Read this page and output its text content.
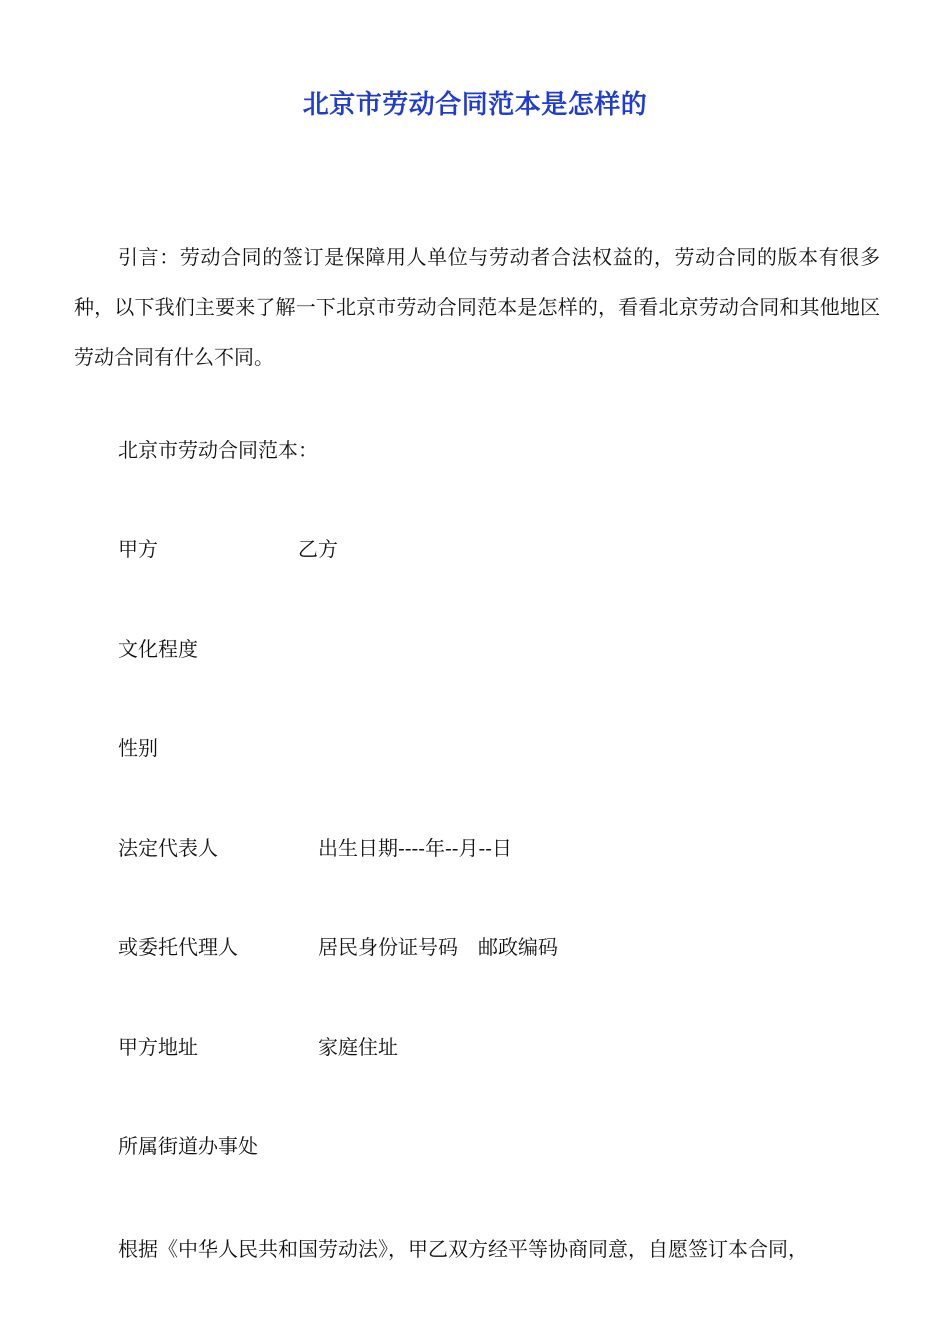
北京市劳动合同范本是怎样的
引言：劳动合同的签订是保障用人单位与劳动者合法权益的，劳动合同的版本有很多种，以下我们主要来了解一下北京市劳动合同范本是怎样的，看看北京劳动合同和其他地区劳动合同有什么不同。
北京市劳动合同范本：
甲方	乙方
文化程度
性别
法定代表人	出生日期----年--月--日
或委托代理人	居民身份证号码　邮政编码
甲方地址	家庭住址
所属街道办事处
根据《中华人民共和国劳动法》，甲乙双方经平等协商同意，自愿签订本合同，
